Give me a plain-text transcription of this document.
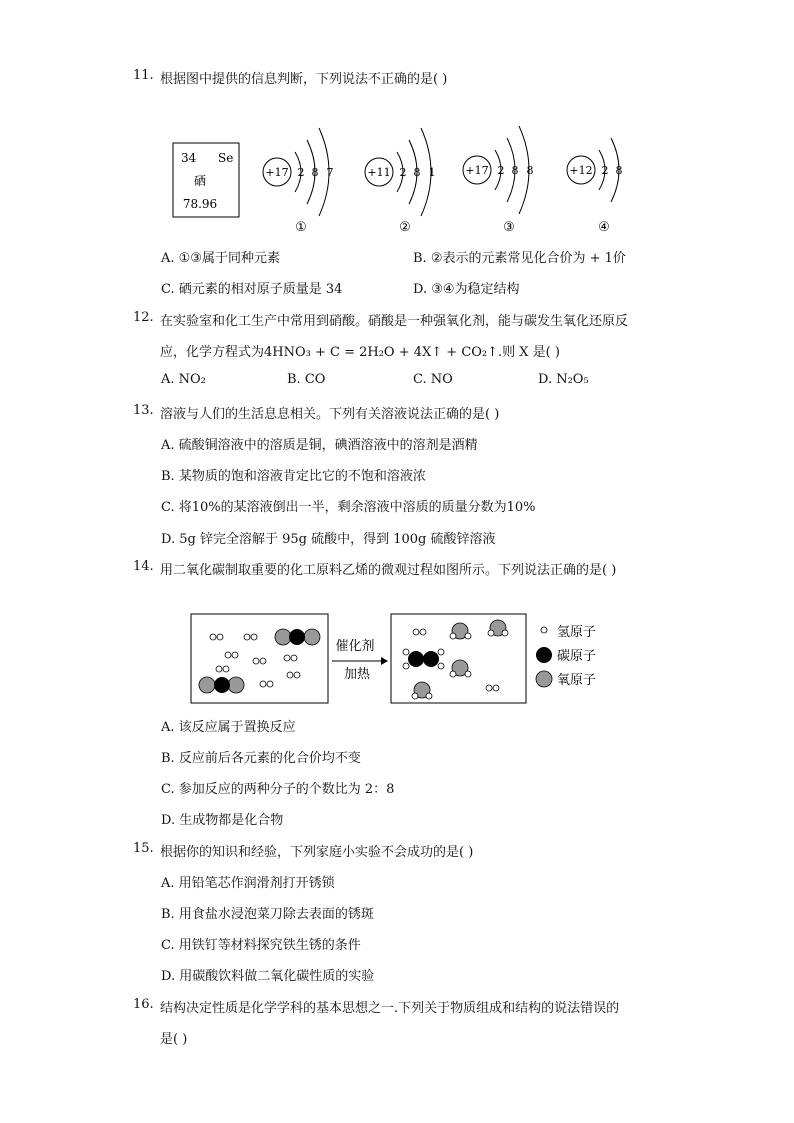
11. 根据图中提供的信息判断，下列说法不正确的是( )
34 Se
硒
78.96
+17 2 8 7
①
+11 2 8 1
②
+17 2 8 8
③
+12 2 8
④
A. ①③属于同种元素	B. ②表示的元素常见化合价为 + 1价
C. 硒元素的相对原子质量是 34	D. ③④为稳定结构
12. 在实验室和化工生产中常用到硝酸。硝酸是一种强氧化剂，能与碳发生氧化还原反
应，化学方程式为4HNO₃ + C = 2H₂O + 4X↑ + CO₂↑.则 X 是( )
A. NO₂	B. CO	C. NO	D. N₂O₅
13. 溶液与人们的生活息息相关。下列有关溶液说法正确的是( )
A. 硫酸铜溶液中的溶质是铜，碘酒溶液中的溶剂是酒精
B. 某物质的饱和溶液肯定比它的不饱和溶液浓
C. 将10%的某溶液倒出一半，剩余溶液中溶质的质量分数为10%
D. 5g 锌完全溶解于 95g 硫酸中，得到 100g 硫酸锌溶液
14. 用二氧化碳制取重要的化工原料乙烯的微观过程如图所示。下列说法正确的是( )
催化剂
加热
氢原子
碳原子
氧原子
A. 该反应属于置换反应
B. 反应前后各元素的化合价均不变
C. 参加反应的两种分子的个数比为 2：8
D. 生成物都是化合物
15. 根据你的知识和经验，下列家庭小实验不会成功的是( )
A. 用铅笔芯作润滑剂打开锈锁
B. 用食盐水浸泡菜刀除去表面的锈斑
C. 用铁钉等材料探究铁生锈的条件
D. 用碳酸饮料做二氧化碳性质的实验
16. 结构决定性质是化学学科的基本思想之一.下列关于物质组成和结构的说法错误的
是( )
